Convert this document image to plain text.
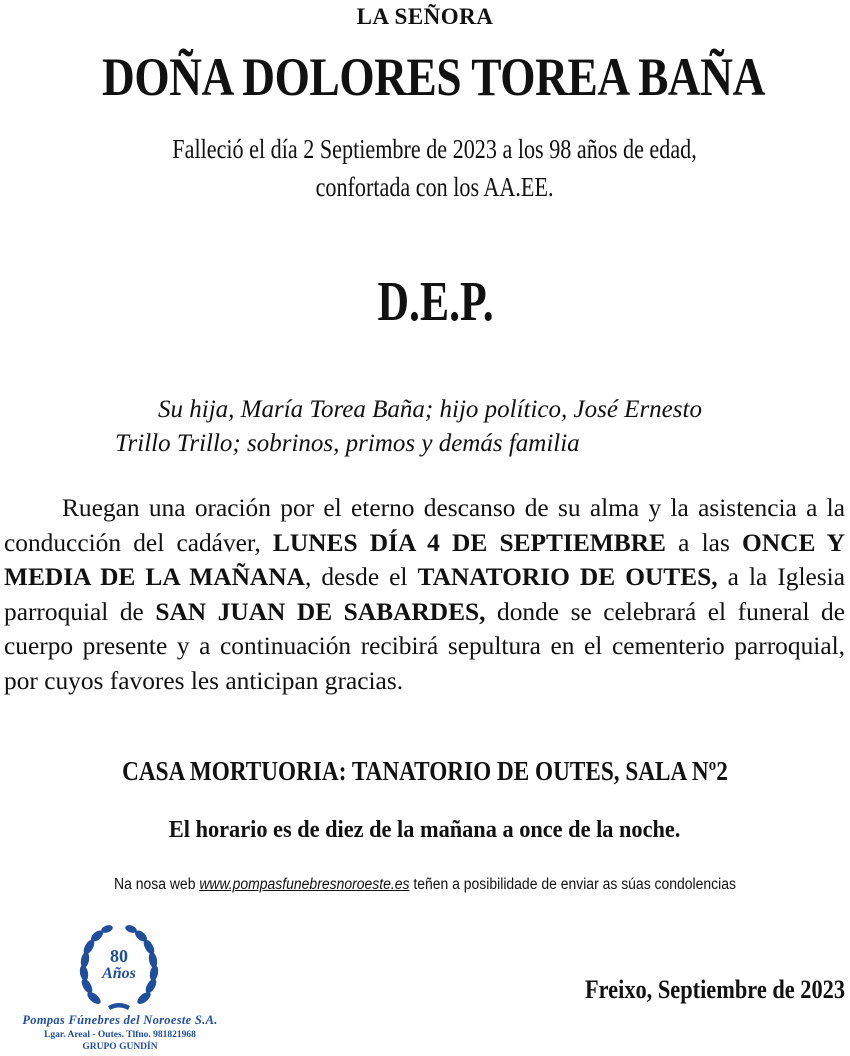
LA SEÑORA
DOÑA DOLORES TOREA BAÑA
Falleció el día 2 Septiembre de 2023 a los 98 años de edad,
confortada con los AA.EE.
D.E.P.
Su hija, María Torea Baña; hijo político, José Ernesto
Trillo Trillo; sobrinos, primos y demás familia
Ruegan una oración por el eterno descanso de su alma y la asistencia a la conducción del cadáver, LUNES DÍA 4 DE SEPTIEMBRE a las ONCE Y MEDIA DE LA MAÑANA, desde el TANATORIO DE OUTES, a la Iglesia parroquial de SAN JUAN DE SABARDES, donde se celebrará el funeral de cuerpo presente y a continuación recibirá sepultura en el cementerio parroquial, por cuyos favores les anticipan gracias.
CASA MORTUORIA: TANATORIO DE OUTES, SALA Nº2
El horario es de diez de la mañana a once de la noche.
Na nosa web www.pompasfunebresnoroeste.es teñen a posibilidade de enviar as súas condolencias
80
Años
Pompas Fúnebres del Noroeste S.A.
Lgar. Areal - Outes. Tlfno. 981821968
GRUPO GUNDÍN
Freixo, Septiembre de 2023
